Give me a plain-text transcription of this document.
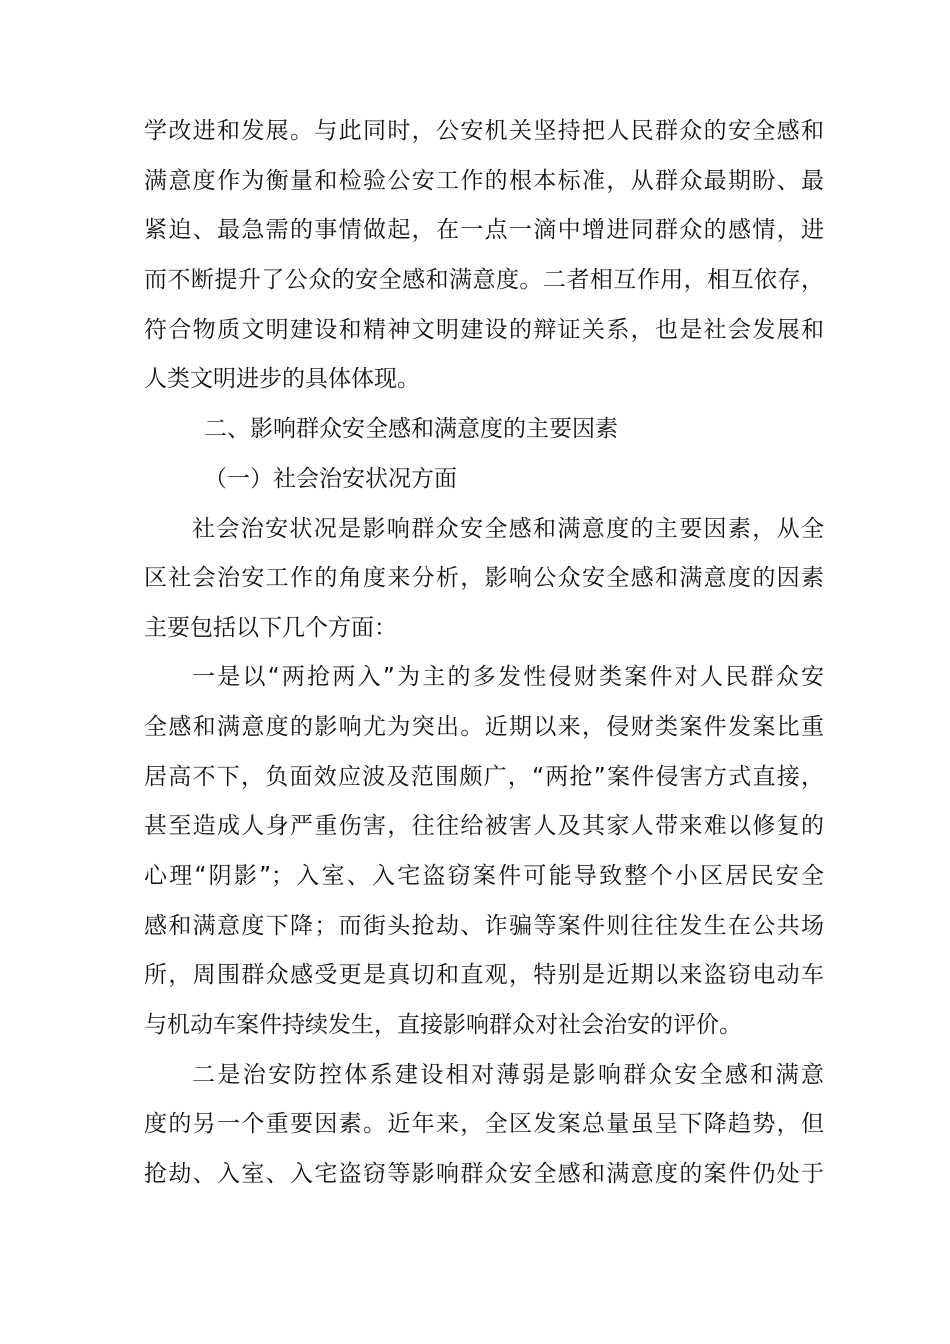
学改进和发展。与此同时，公安机关坚持把人民群众的安全感和
满意度作为衡量和检验公安工作的根本标准，从群众最期盼、最
紧迫、最急需的事情做起，在一点一滴中增进同群众的感情，进
而不断提升了公众的安全感和满意度。二者相互作用，相互依存，
符合物质文明建设和精神文明建设的辩证关系，也是社会发展和
人类文明进步的具体体现。
二、影响群众安全感和满意度的主要因素
（一）社会治安状况方面
社会治安状况是影响群众安全感和满意度的主要因素，从全
区社会治安工作的角度来分析，影响公众安全感和满意度的因素
主要包括以下几个方面：
一是以“两抢两入”为主的多发性侵财类案件对人民群众安
全感和满意度的影响尤为突出。近期以来，侵财类案件发案比重
居高不下，负面效应波及范围颇广，“两抢”案件侵害方式直接，
甚至造成人身严重伤害，往往给被害人及其家人带来难以修复的
心理“阴影”；入室、入宅盗窃案件可能导致整个小区居民安全
感和满意度下降；而街头抢劫、诈骗等案件则往往发生在公共场
所，周围群众感受更是真切和直观，特别是近期以来盗窃电动车
与机动车案件持续发生，直接影响群众对社会治安的评价。
二是治安防控体系建设相对薄弱是影响群众安全感和满意
度的另一个重要因素。近年来，全区发案总量虽呈下降趋势，但
抢劫、入室、入宅盗窃等影响群众安全感和满意度的案件仍处于
